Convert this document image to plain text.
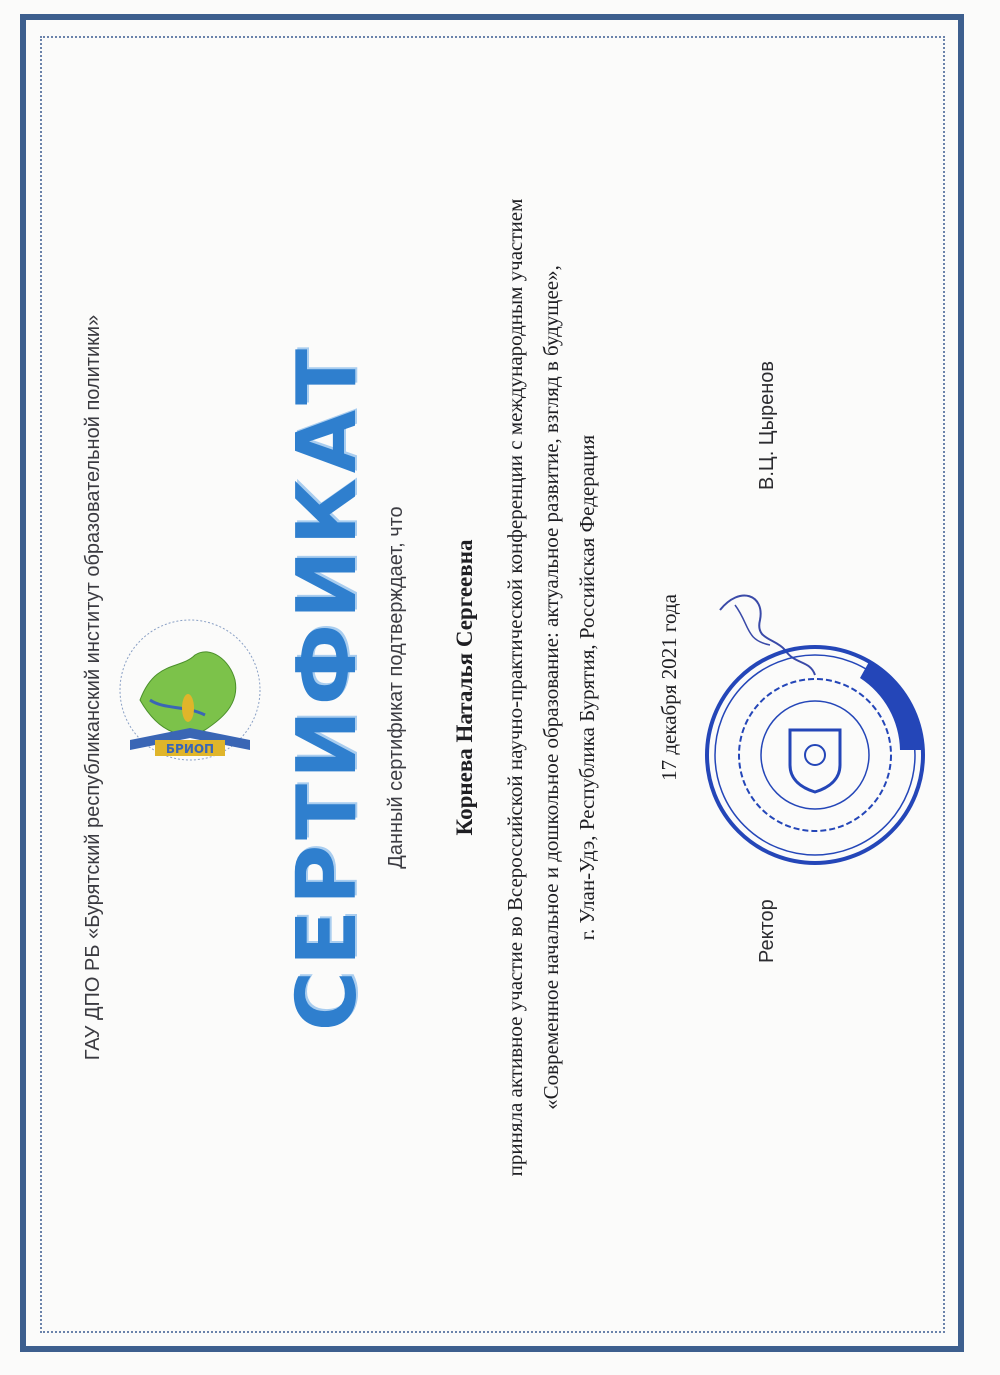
БРИОП
ГАУ ДПО РБ «Бурятский республиканский институт образовательной политики» СЕРТИФИКАТ Данный сертификат подтверждает, что Корнева Наталья Сергеевна приняла активное участие во Всероссийской научно-практической конференции с международным участием «Современное начальное и дошкольное образование: актуальное развитие, взгляд в будущее», г. Улан-Удэ, Республика Бурятия, Российская Федерация	17 декабря 2021 года
Ректор
В.Ц. Цыренов
